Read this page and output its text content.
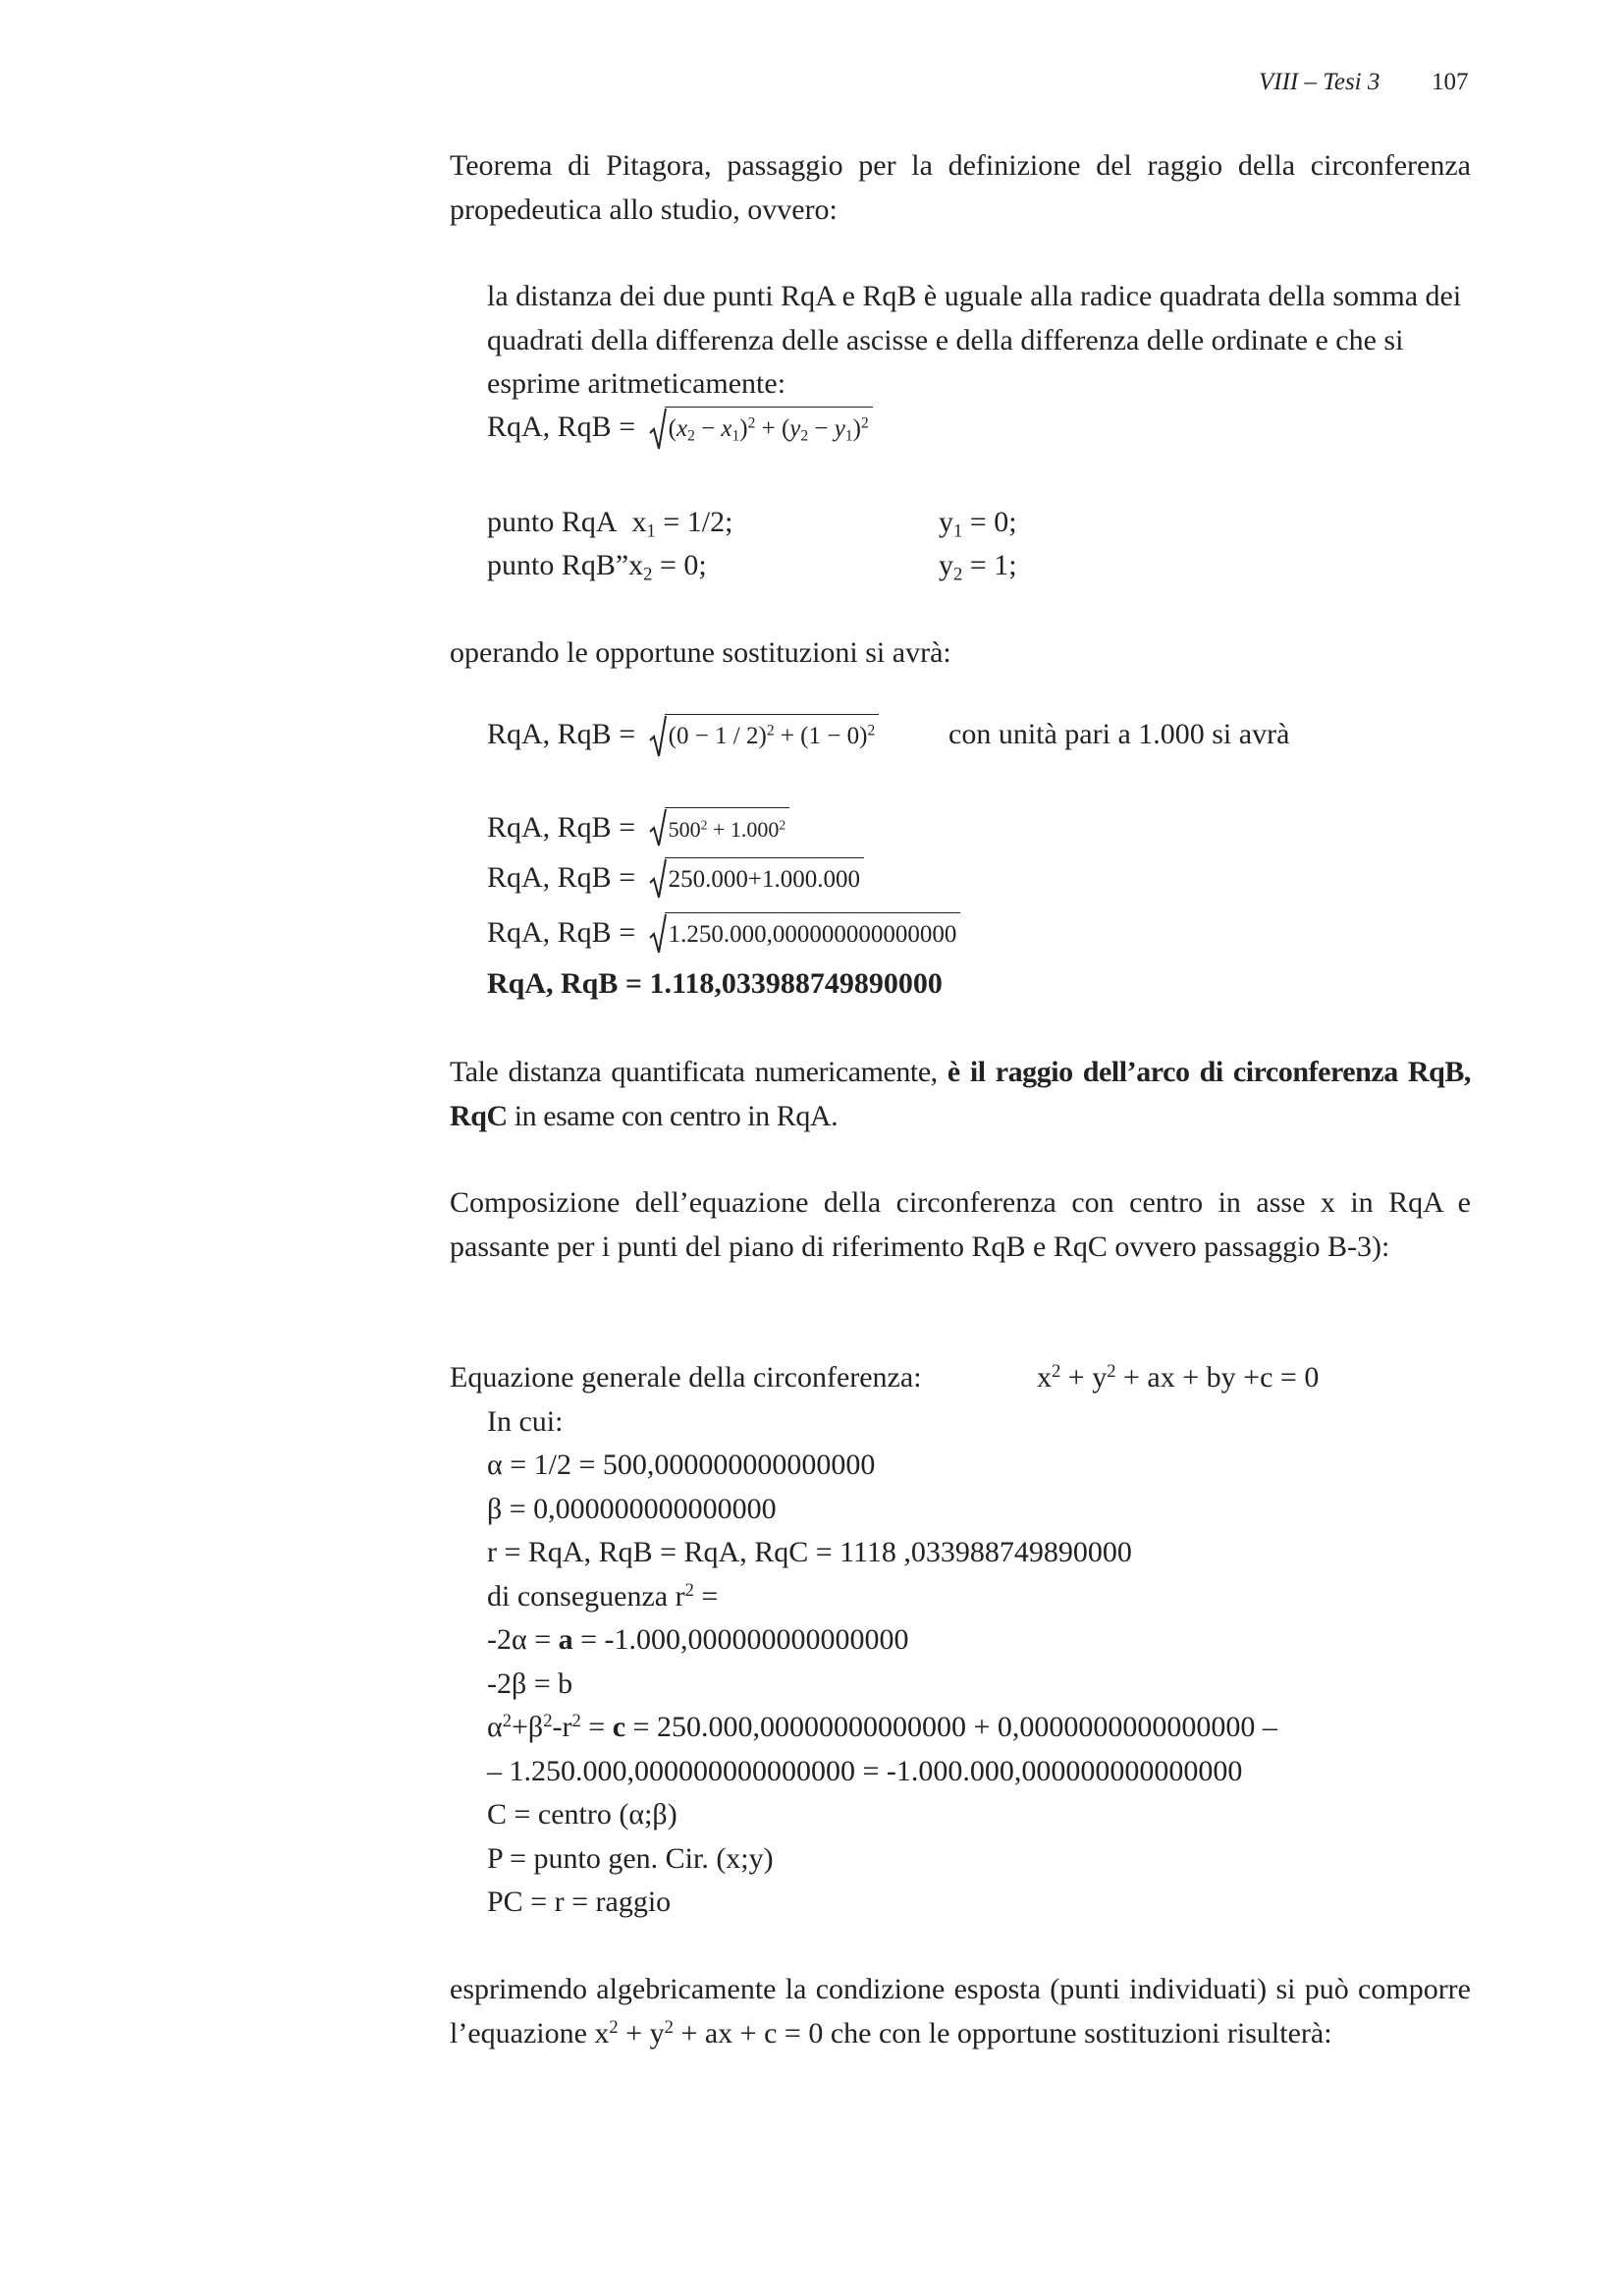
VIII – Tesi 3 107
Teorema di Pitagora, passaggio per la definizione del raggio della circonferenza propedeutica allo studio, ovvero:
la distanza dei due punti RqA e RqB è uguale alla radice quadrata della somma dei quadrati della differenza delle ascisse e della differenza delle ordinate e che si esprime aritmeticamente:
RqA, RqB = $(x_2 - x_1)^2 + (y_2 - y_1)^2$
punto RqA  $x_1 = 1/2$;	$y_1 = 0$;
punto $RqB”x_2 = 0$;	$y_2 = 1$;
operando le opportune sostituzioni si avrà:
RqA, RqB = $(0 - 1 / 2)^2 + (1 - 0)^2$ con unità pari a 1.000 si avrà
RqA, RqB = $500^2 + 1.000^2$
RqA, RqB = 250.000+1.000.000
RqA, RqB = 1.250.000,000000000000000
RqA, RqB = 1.118,033988749890000
Tale distanza quantificata numericamente, è il raggio dell’arco di circonferenza RqB, RqC in esame con centro in RqA.
Composizione dell’equazione della circonferenza con centro in asse x in RqA e passante per i punti del piano di riferimento RqB e RqC ovvero passaggio B-3):
Equazione generale della circonferenza:	$x^2 + y^2$ + ax + by +c = 0
In cui:
α = 1/2 = 500,000000000000000
β = 0,000000000000000
r = RqA, RqB = RqA, RqC = 1118 ,033988749890000
di conseguenza $r^2$ =
-2α = a = -1.000,000000000000000
-2β = b
$\alpha^2+\beta^2-r^2 = c = 250.000,00000000000000 + 0,0000000000000000$ –
– 1.250.000,000000000000000 = -1.000.000,000000000000000
C = centro (α;β)
P = punto gen. Cir. (x;y)
PC = r = raggio
esprimendo algebricamente la condizione esposta (punti individuati) si può comporre l’equazione $x^2 + y^2$ + ax + c = 0 che con le opportune sostituzioni risulterà:
